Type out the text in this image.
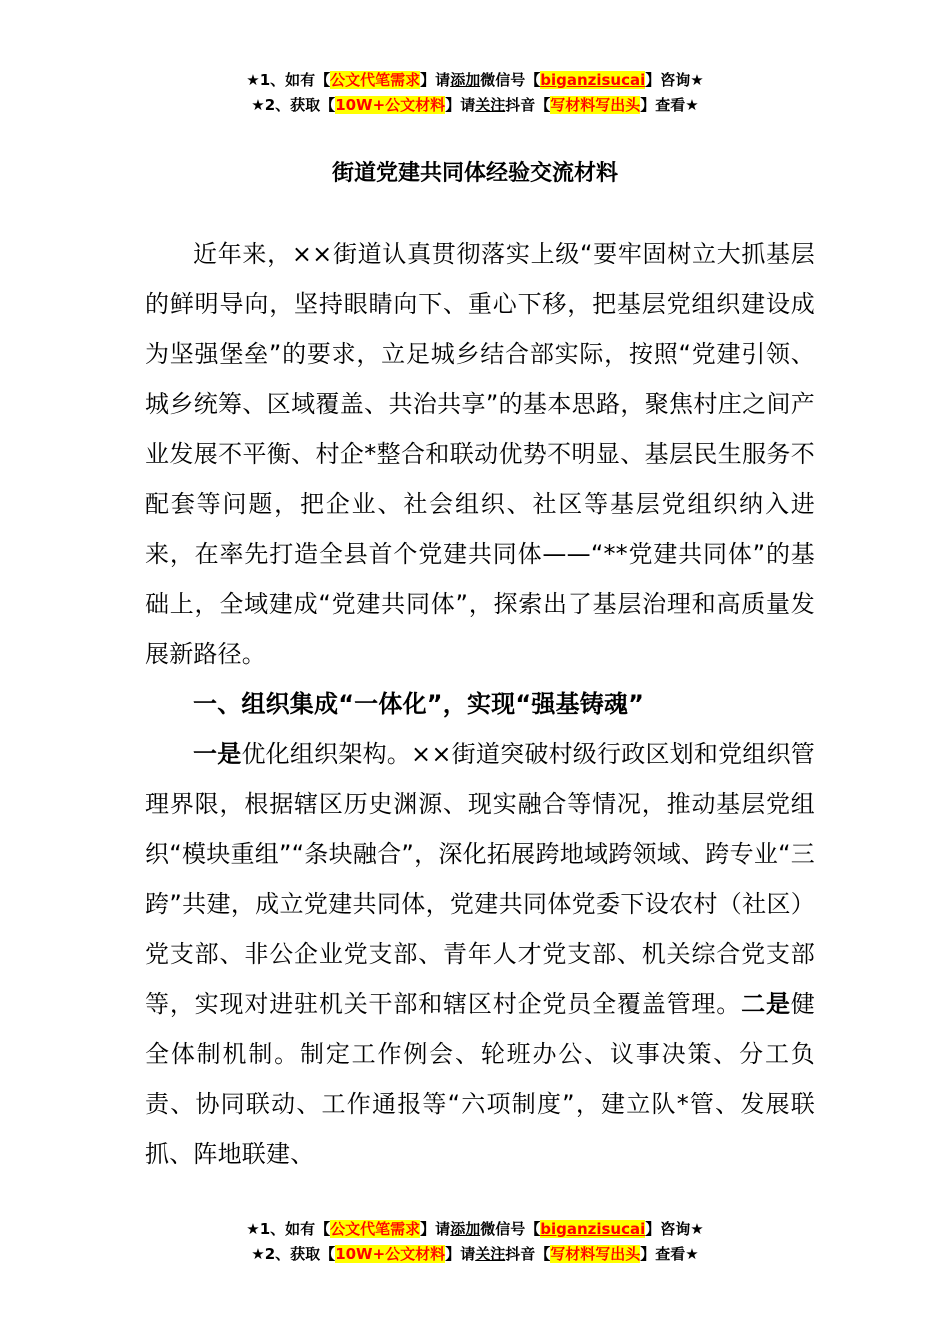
★1、如有【公文代笔需求】请添加微信号【biganzisucai】咨询★
★2、获取【10W+公文材料】请关注抖音【写材料写出头】查看★
街道党建共同体经验交流材料

近年来，××街道认真贯彻落实上级“要牢固树立大抓基层的鲜明导向，坚持眼睛向下、重心下移，把基层党组织建设成为坚强堡垒”的要求，立足城乡结合部实际，按照“党建引领、城乡统筹、区域覆盖、共治共享”的基本思路，聚焦村庄之间产业发展不平衡、村企*整合和联动优势不明显、基层民生服务不配套等问题，把企业、社会组织、社区等基层党组织纳入进来，在率先打造全县首个党建共同体——“**党建共同体”的基础上，全域建成“党建共同体”，探索出了基层治理和高质量发展新路径。

一、组织集成“一体化”，实现“强基铸魂”

一是优化组织架构。××街道突破村级行政区划和党组织管理界限，根据辖区历史渊源、现实融合等情况，推动基层党组织“模块重组”“条块融合”，深化拓展跨地域跨领域、跨专业“三跨”共建，成立党建共同体，党建共同体党委下设农村（社区）党支部、非公企业党支部、青年人才党支部、机关综合党支部等，实现对进驻机关干部和辖区村企党员全覆盖管理。二是健全体制机制。制定工作例会、轮班办公、议事决策、分工负责、协同联动、工作通报等“六项制度”，建立队*管、发展联抓、阵地联建、

★1、如有【公文代笔需求】请添加微信号【biganzisucai】咨询★
★2、获取【10W+公文材料】请关注抖音【写材料写出头】查看★
